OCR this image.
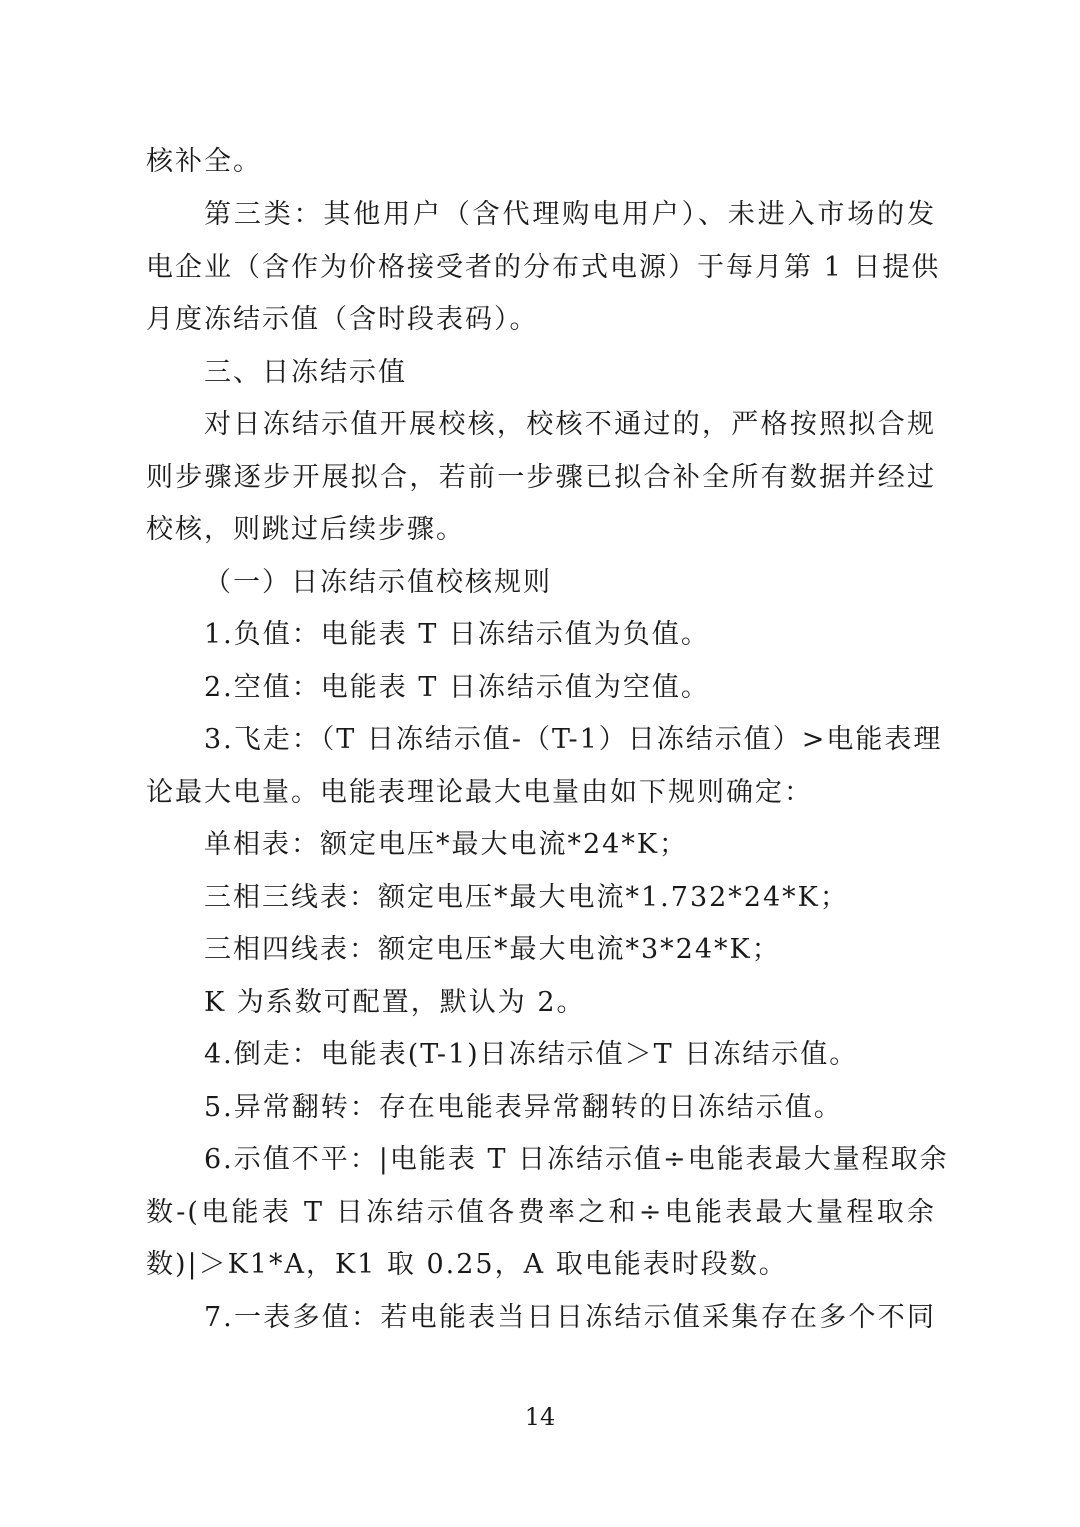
核补全。
第三类：其他用户（含代理购电用户）、未进入市场的发
电企业（含作为价格接受者的分布式电源）于每月第 1 日提供
月度冻结示值（含时段表码）。
三、日冻结示值
对日冻结示值开展校核，校核不通过的，严格按照拟合规
则步骤逐步开展拟合，若前一步骤已拟合补全所有数据并经过
校核，则跳过后续步骤。
（一）日冻结示值校核规则
1.负值：电能表 T 日冻结示值为负值。
2.空值：电能表 T 日冻结示值为空值。
3.飞走：（T 日冻结示值-（T-1）日冻结示值）>电能表理
论最大电量。电能表理论最大电量由如下规则确定：
单相表：额定电压*最大电流*24*K；
三相三线表：额定电压*最大电流*1.732*24*K；
三相四线表：额定电压*最大电流*3*24*K；
K 为系数可配置，默认为 2。
4.倒走：电能表(T-1)日冻结示值＞T 日冻结示值。
5.异常翻转：存在电能表异常翻转的日冻结示值。
6.示值不平：|电能表 T 日冻结示值÷电能表最大量程取余
数-(电能表 T 日冻结示值各费率之和÷电能表最大量程取余
数)|＞K1*A，K1 取 0.25，A 取电能表时段数。
7.一表多值：若电能表当日日冻结示值采集存在多个不同
14
